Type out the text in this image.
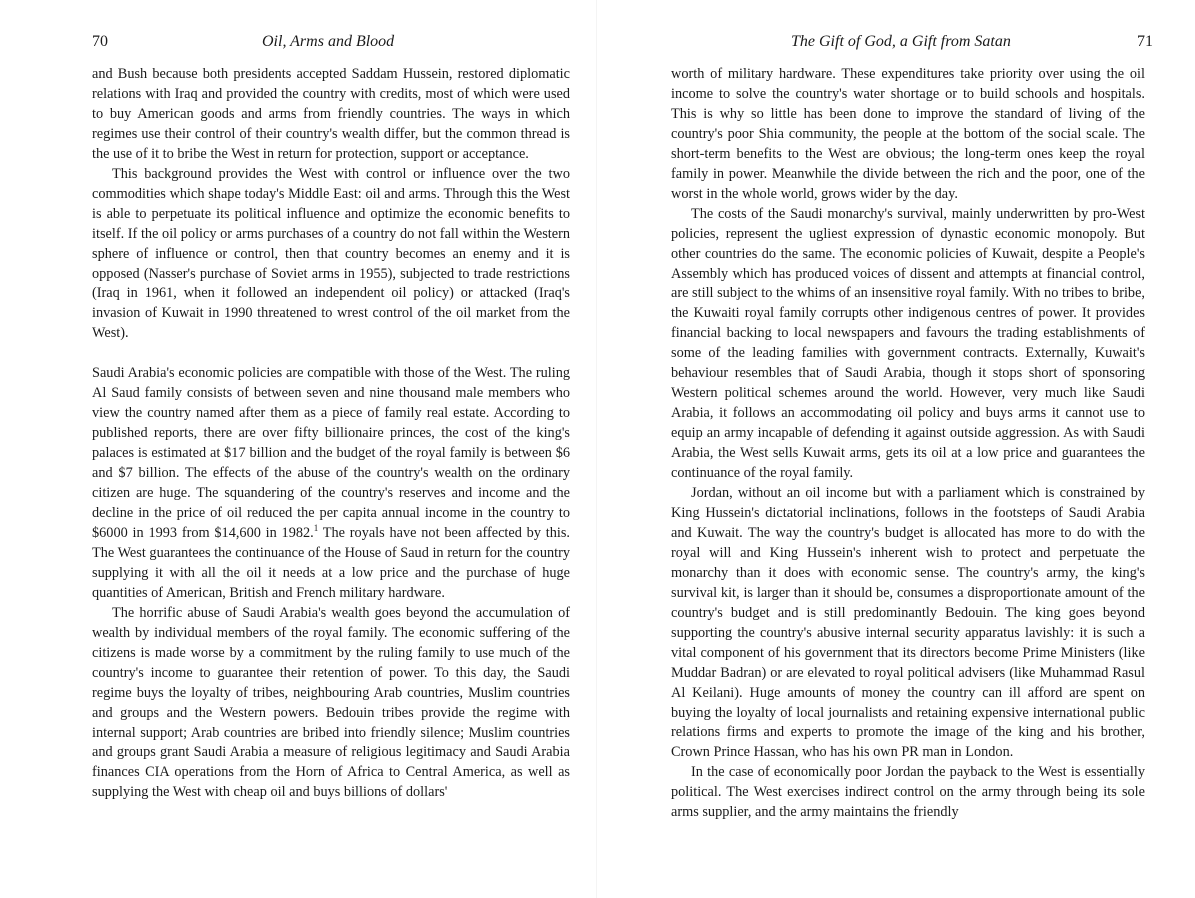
70	Oil, Arms and Blood

and Bush because both presidents accepted Saddam Hussein, restored diplomatic relations with Iraq and provided the country with credits, most of which were used to buy American goods and arms from friendly countries. The ways in which regimes use their control of their country's wealth differ, but the common thread is the use of it to bribe the West in return for protection, support or acceptance.

This background provides the West with control or influence over the two commodities which shape today's Middle East: oil and arms. Through this the West is able to perpetuate its political influence and optimize the economic benefits to itself. If the oil policy or arms purchases of a country do not fall within the Western sphere of influence or control, then that country becomes an enemy and it is opposed (Nasser's purchase of Soviet arms in 1955), subjected to trade restrictions (Iraq in 1961, when it followed an independent oil policy) or attacked (Iraq's invasion of Kuwait in 1990 threatened to wrest control of the oil market from the West).

Saudi Arabia's economic policies are compatible with those of the West. The ruling Al Saud family consists of between seven and nine thousand male members who view the country named after them as a piece of family real estate. According to published reports, there are over fifty billionaire princes, the cost of the king's palaces is estimated at $17 billion and the budget of the royal family is between $6 and $7 billion. The effects of the abuse of the country's wealth on the ordinary citizen are huge. The squandering of the country's reserves and income and the decline in the price of oil reduced the per capita annual income in the country to $6000 in 1993 from $14,600 in 1982.$^1$ The royals have not been affected by this. The West guarantees the continuance of the House of Saud in return for the country supplying it with all the oil it needs at a low price and the purchase of huge quantities of American, British and French military hardware.

The horrific abuse of Saudi Arabia's wealth goes beyond the accumulation of wealth by individual members of the royal family. The economic suffering of the citizens is made worse by a commitment by the ruling family to use much of the country's income to guarantee their retention of power. To this day, the Saudi regime buys the loyalty of tribes, neighbouring Arab countries, Muslim countries and groups and the Western powers. Bedouin tribes provide the regime with internal support; Arab countries are bribed into friendly silence; Muslim countries and groups grant Saudi Arabia a measure of religious legitimacy and Saudi Arabia finances CIA operations from the Horn of Africa to Central America, as well as supplying the West with cheap oil and buys billions of dollars'

The Gift of God, a Gift from Satan	71

worth of military hardware. These expenditures take priority over using the oil income to solve the country's water shortage or to build schools and hospitals. This is why so little has been done to improve the standard of living of the country's poor Shia community, the people at the bottom of the social scale. The short-term benefits to the West are obvious; the long-term ones keep the royal family in power. Meanwhile the divide between the rich and the poor, one of the worst in the whole world, grows wider by the day.

The costs of the Saudi monarchy's survival, mainly underwritten by pro-West policies, represent the ugliest expression of dynastic economic monopoly. But other countries do the same. The economic policies of Kuwait, despite a People's Assembly which has produced voices of dissent and attempts at financial control, are still subject to the whims of an insensitive royal family. With no tribes to bribe, the Kuwaiti royal family corrupts other indigenous centres of power. It provides financial backing to local newspapers and favours the trading establishments of some of the leading families with government contracts. Externally, Kuwait's behaviour resembles that of Saudi Arabia, though it stops short of sponsoring Western political schemes around the world. However, very much like Saudi Arabia, it follows an accommodating oil policy and buys arms it cannot use to equip an army incapable of defending it against outside aggression. As with Saudi Arabia, the West sells Kuwait arms, gets its oil at a low price and guarantees the continuance of the royal family.

Jordan, without an oil income but with a parliament which is constrained by King Hussein's dictatorial inclinations, follows in the footsteps of Saudi Arabia and Kuwait. The way the country's budget is allocated has more to do with the royal will and King Hussein's inherent wish to protect and perpetuate the monarchy than it does with economic sense. The country's army, the king's survival kit, is larger than it should be, consumes a disproportionate amount of the country's budget and is still predominantly Bedouin. The king goes beyond supporting the country's abusive internal security apparatus lavishly: it is such a vital component of his government that its directors become Prime Ministers (like Muddar Badran) or are elevated to royal political advisers (like Muhammad Rasul Al Keilani). Huge amounts of money the country can ill afford are spent on buying the loyalty of local journalists and retaining expensive international public relations firms and experts to promote the image of the king and his brother, Crown Prince Hassan, who has his own PR man in London.

In the case of economically poor Jordan the payback to the West is essentially political. The West exercises indirect control on the army through being its sole arms supplier, and the army maintains the friendly
